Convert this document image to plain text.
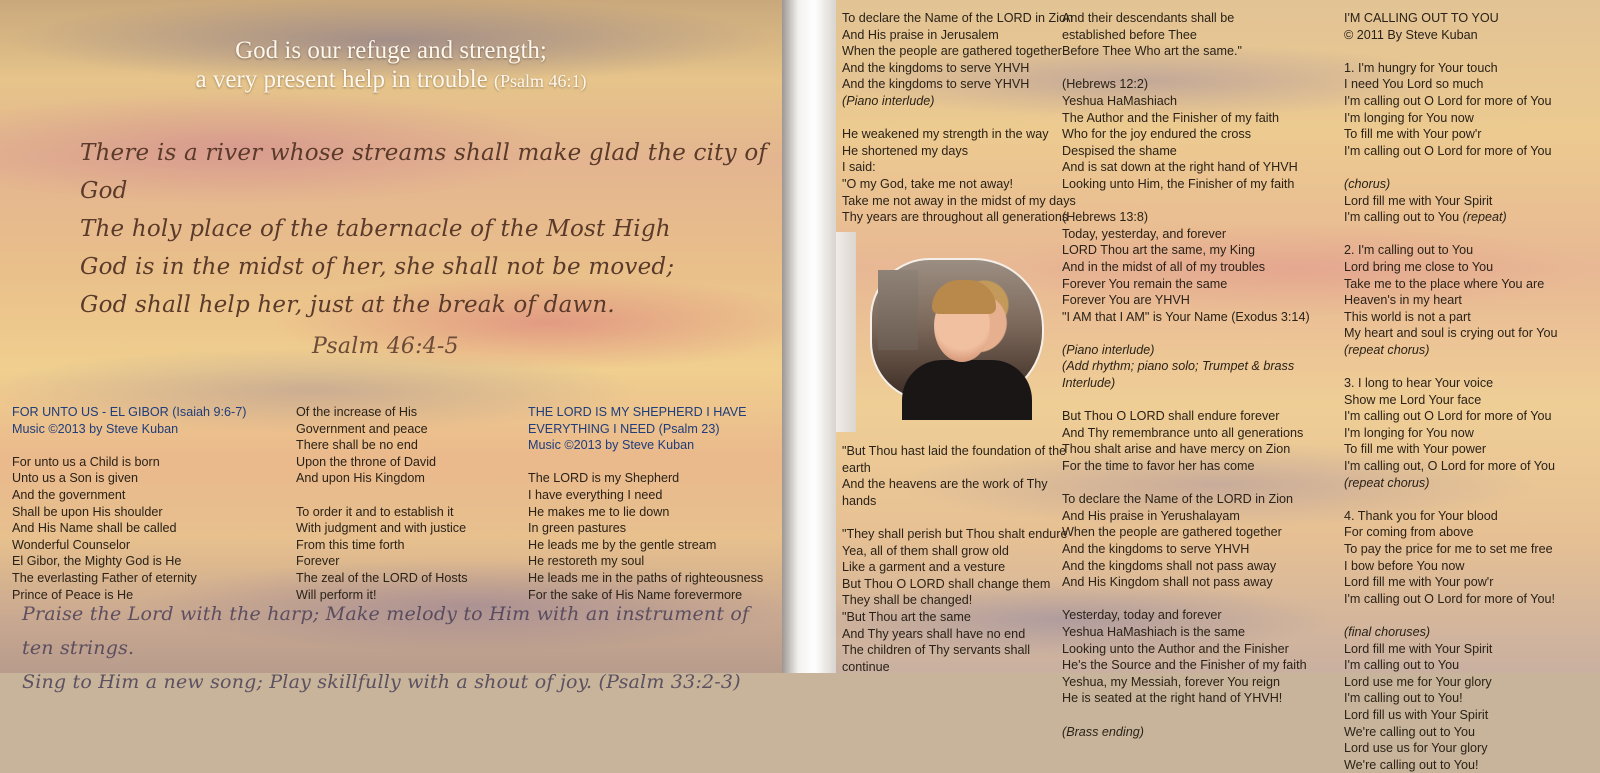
God is our refuge and strength;
a very present help in trouble (Psalm 46:1)
There is a river whose streams shall make glad the city of God
The holy place of the tabernacle of the Most High
God is in the midst of her, she shall not be moved;
God shall help her, just at the break of dawn.
Psalm 46:4-5
FOR UNTO US - EL GIBOR (Isaiah 9:6-7)
Music ©2013 by Steve Kuban
For unto us a Child is born
Unto us a Son is given
And the government
Shall be upon His shoulder
And His Name shall be called
Wonderful Counselor
El Gibor, the Mighty God is He
The everlasting Father of eternity
Prince of Peace is He
Of the increase of His
Government and peace
There shall be no end
Upon the throne of David
And upon His Kingdom
To order it and to establish it
With judgment and with justice
From this time forth
Forever
The zeal of the LORD of Hosts
Will perform it!
THE LORD IS MY SHEPHERD I HAVE
EVERYTHING I NEED (Psalm 23)
Music ©2013 by Steve Kuban
The LORD is my Shepherd
I have everything I need
He makes me to lie down
In green pastures
He leads me by the gentle stream
He restoreth my soul
He leads me in the paths of righteousness
For the sake of His Name forevermore
Praise the Lord with the harp; Make melody to Him with an instrument of ten strings.
Sing to Him a new song; Play skillfully with a shout of joy. (Psalm 33:2-3)
To declare the Name of the LORD in Zion
And His praise in Jerusalem
When the people are gathered together
And the kingdoms to serve YHVH
And the kingdoms to serve YHVH
(Piano interlude)
He weakened my strength in the way
He shortened my days
I said:
"O my God, take me not away!
Take me not away in the midst of my days
Thy years are throughout all generations
"But Thou hast laid the foundation of the
earth
And the heavens are the work of Thy
hands
"They shall perish but Thou shalt endure
Yea, all of them shall grow old
Like a garment and a vesture
But Thou O LORD shall change them
They shall be changed!
"But Thou art the same
And Thy years shall have no end
The children of Thy servants shall
continue
And their descendants shall be
established before Thee
Before Thee Who art the same."
(Hebrews 12:2)
Yeshua HaMashiach
The Author and the Finisher of my faith
Who for the joy endured the cross
Despised the shame
And is sat down at the right hand of YHVH
Looking unto Him, the Finisher of my faith
(Hebrews 13:8)
Today, yesterday, and forever
LORD Thou art the same, my King
And in the midst of all of my troubles
Forever You remain the same
Forever You are YHVH
"I AM that I AM" is Your Name (Exodus 3:14)
(Piano interlude)
(Add rhythm; piano solo; Trumpet & brass
Interlude)
But Thou O LORD shall endure forever
And Thy remembrance unto all generations
Thou shalt arise and have mercy on Zion
For the time to favor her has come
To declare the Name of the LORD in Zion
And His praise in Yerushalayam
When the people are gathered together
And the kingdoms to serve YHVH
And the kingdoms shall not pass away
And His Kingdom shall not pass away
Yesterday, today and forever
Yeshua HaMashiach is the same
Looking unto the Author and the Finisher
He's the Source and the Finisher of my faith
Yeshua, my Messiah, forever You reign
He is seated at the right hand of YHVH!
(Brass ending)
I'M CALLING OUT TO YOU
© 2011 By Steve Kuban
1. I'm hungry for Your touch
I need You Lord so much
I'm calling out O Lord for more of You
I'm longing for You now
To fill me with Your pow'r
I'm calling out O Lord for more of You
(chorus)
Lord fill me with Your Spirit
I'm calling out to You (repeat)
2. I'm calling out to You
Lord bring me close to You
Take me to the place where You are
Heaven's in my heart
This world is not a part
My heart and soul is crying out for You
(repeat chorus)
3. I long to hear Your voice
Show me Lord Your face
I'm calling out O Lord for more of You
I'm longing for You now
To fill me with Your power
I'm calling out, O Lord for more of You
(repeat chorus)
4. Thank you for Your blood
For coming from above
To pay the price for me to set me free
I bow before You now
Lord fill me with Your pow'r
I'm calling out O Lord for more of You!
(final choruses)
Lord fill me with Your Spirit
I'm calling out to You
Lord use me for Your glory
I'm calling out to You!
Lord fill us with Your Spirit
We're calling out to You
Lord use us for Your glory
We're calling out to You!
